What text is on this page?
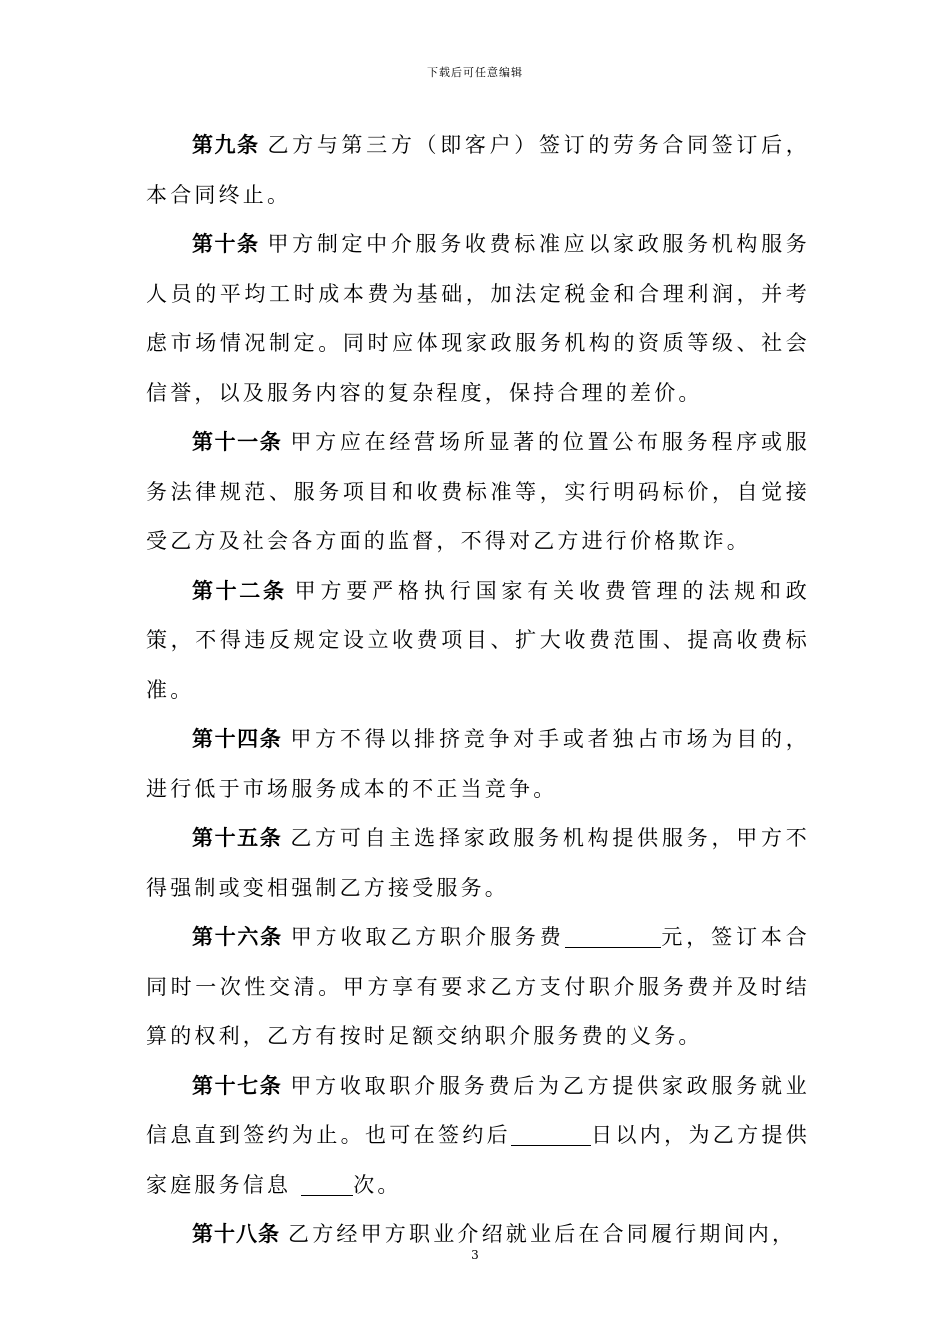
下载后可任意编辑

第九条 乙方与第三方（即客户）签订的劳务合同签订后，本合同终止。

第十条 甲方制定中介服务收费标准应以家政服务机构服务人员的平均工时成本费为基础，加法定税金和合理利润，并考虑市场情况制定。同时应体现家政服务机构的资质等级、社会信誉，以及服务内容的复杂程度，保持合理的差价。

第十一条 甲方应在经营场所显著的位置公布服务程序或服务法律规范、服务项目和收费标准等，实行明码标价，自觉接受乙方及社会各方面的监督，不得对乙方进行价格欺诈。

第十二条 甲方要严格执行国家有关收费管理的法规和政策，不得违反规定设立收费项目、扩大收费范围、提高收费标准。

第十四条 甲方不得以排挤竞争对手或者独占市场为目的，进行低于市场服务成本的不正当竞争。

第十五条 乙方可自主选择家政服务机构提供服务，甲方不得强制或变相强制乙方接受服务。

第十六条 甲方收取乙方职介服务费	元，签订本合同时一次性交清。甲方享有要求乙方支付职介服务费并及时结算的权利，乙方有按时足额交纳职介服务费的义务。

第十七条 甲方收取职介服务费后为乙方提供家政服务就业信息直到签约为止。也可在签约后	日以内，为乙方提供家庭服务信息	次。

第十八条 乙方经甲方职业介绍就业后在合同履行期间内，

3
